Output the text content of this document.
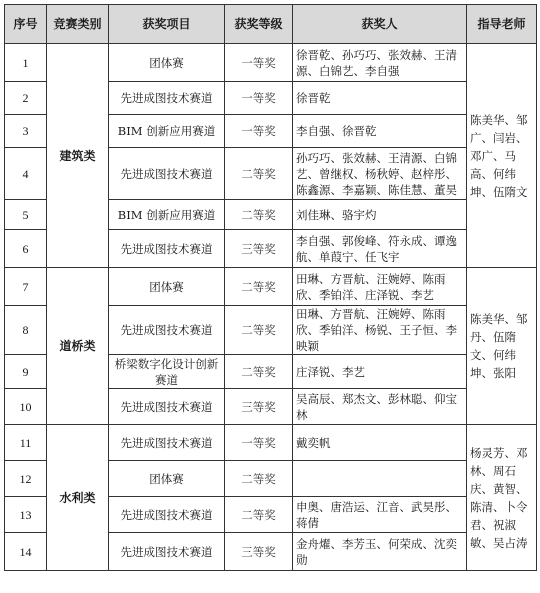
序号	竞赛类别	获奖项目	获奖等级	获奖人	指导老师
1	建筑类	团体赛	一等奖	徐晋乾、孙巧巧、张效赫、王清源、白锦艺、李自强	陈美华、邹广、闫岩、邓广、马高、何纬坤、伍隋文
2		先进成图技术赛道	一等奖	徐晋乾	
3		BIM 创新应用赛道	一等奖	李自强、徐晋乾	
4		先进成图技术赛道	二等奖	孙巧巧、张效赫、王清源、白锦艺、曾继权、杨秋婷、赵梓彤、陈鑫源、李嘉颖、陈佳慧、董昊	
5		BIM 创新应用赛道	二等奖	刘佳琳、骆宇灼	
6		先进成图技术赛道	三等奖	李自强、郭俊峰、符永成、谭逸航、单葭宁、任飞宇	
7	道桥类	团体赛	二等奖	田琳、方晋航、汪婉婷、陈雨欣、季铂洋、庄泽锐、李艺	陈美华、邹丹、伍隋文、何纬坤、张阳
8		先进成图技术赛道	二等奖	田琳、方晋航、汪婉婷、陈雨欣、季铂洋、杨锐、王子恒、李映颖	
9		桥梁数字化设计创新赛道	二等奖	庄泽锐、李艺	
10		先进成图技术赛道	三等奖	吴高辰、郑杰文、彭林聪、仰宝林	
11	水利类	先进成图技术赛道	一等奖	戴奕帆	杨灵芳、邓林、周石庆、黄智、陈清、卜令君、祝淑敏、吴占涛
12		团体赛	二等奖		
13		先进成图技术赛道	二等奖	申奥、唐浩运、江音、武昊彤、蒋倩	
14		先进成图技术赛道	三等奖	金舟燿、李芳玉、何荣成、沈奕勋	
